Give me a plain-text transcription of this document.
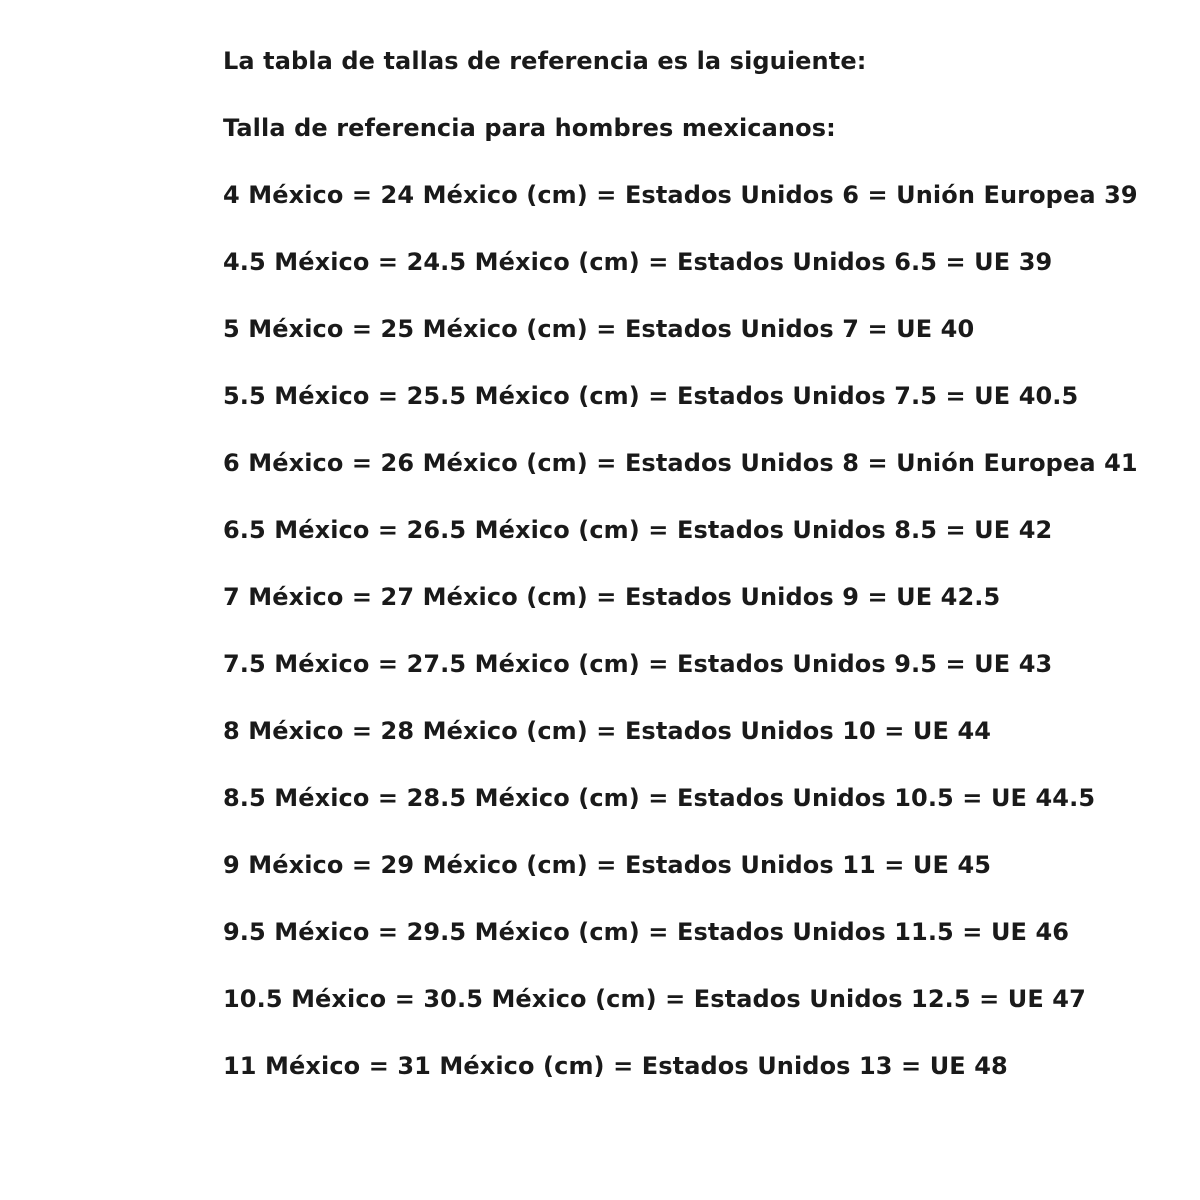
La tabla de tallas de referencia es la siguiente:
Talla de referencia para hombres mexicanos:
4 México = 24 México (cm) = Estados Unidos 6 = Unión Europea 39
4.5 México = 24.5 México (cm) = Estados Unidos 6.5 = UE 39
5 México = 25 México (cm) = Estados Unidos 7 = UE 40
5.5 México = 25.5 México (cm) = Estados Unidos 7.5 = UE 40.5
6 México = 26 México (cm) = Estados Unidos 8 = Unión Europea 41
6.5 México = 26.5 México (cm) = Estados Unidos 8.5 = UE 42
7 México = 27 México (cm) = Estados Unidos 9 = UE 42.5
7.5 México = 27.5 México (cm) = Estados Unidos 9.5 = UE 43
8 México = 28 México (cm) = Estados Unidos 10 = UE 44
8.5 México = 28.5 México (cm) = Estados Unidos 10.5 = UE 44.5
9 México = 29 México (cm) = Estados Unidos 11 = UE 45
9.5 México = 29.5 México (cm) = Estados Unidos 11.5 = UE 46
10.5 México = 30.5 México (cm) = Estados Unidos 12.5 = UE 47
11 México = 31 México (cm) = Estados Unidos 13 = UE 48
